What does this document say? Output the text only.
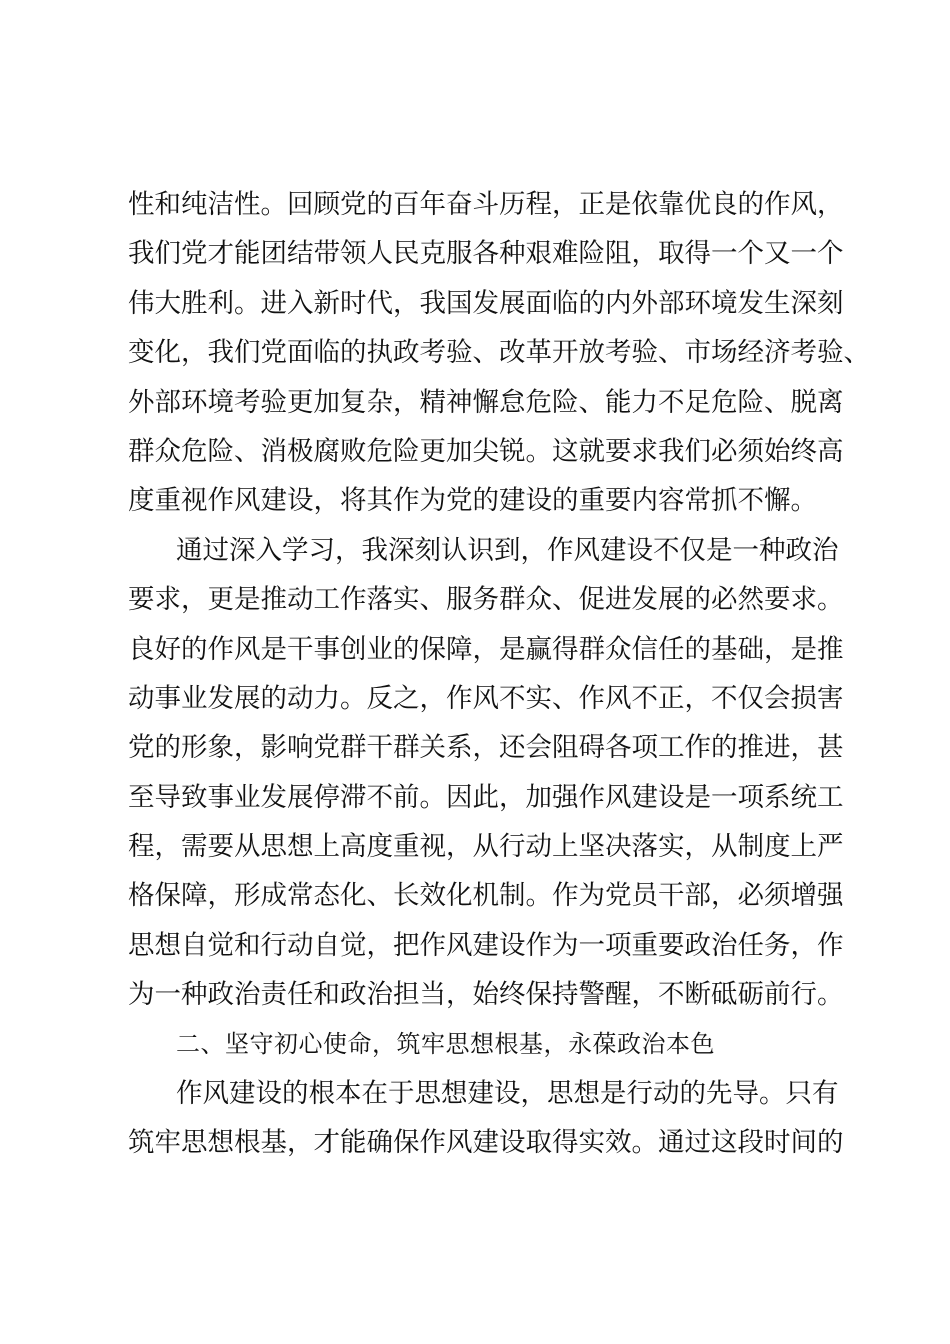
性和纯洁性。回顾党的百年奋斗历程，正是依靠优良的作风，
我们党才能团结带领人民克服各种艰难险阻，取得一个又一个
伟大胜利。进入新时代，我国发展面临的内外部环境发生深刻
变化，我们党面临的执政考验、改革开放考验、市场经济考验、
外部环境考验更加复杂，精神懈怠危险、能力不足危险、脱离
群众危险、消极腐败危险更加尖锐。这就要求我们必须始终高
度重视作风建设，将其作为党的建设的重要内容常抓不懈。
通过深入学习，我深刻认识到，作风建设不仅是一种政治
要求，更是推动工作落实、服务群众、促进发展的必然要求。
良好的作风是干事创业的保障，是赢得群众信任的基础，是推
动事业发展的动力。反之，作风不实、作风不正，不仅会损害
党的形象，影响党群干群关系，还会阻碍各项工作的推进，甚
至导致事业发展停滞不前。因此，加强作风建设是一项系统工
程，需要从思想上高度重视，从行动上坚决落实，从制度上严
格保障，形成常态化、长效化机制。作为党员干部，必须增强
思想自觉和行动自觉，把作风建设作为一项重要政治任务，作
为一种政治责任和政治担当，始终保持警醒，不断砥砺前行。
二、坚守初心使命，筑牢思想根基，永葆政治本色
作风建设的根本在于思想建设，思想是行动的先导。只有
筑牢思想根基，才能确保作风建设取得实效。通过这段时间的
